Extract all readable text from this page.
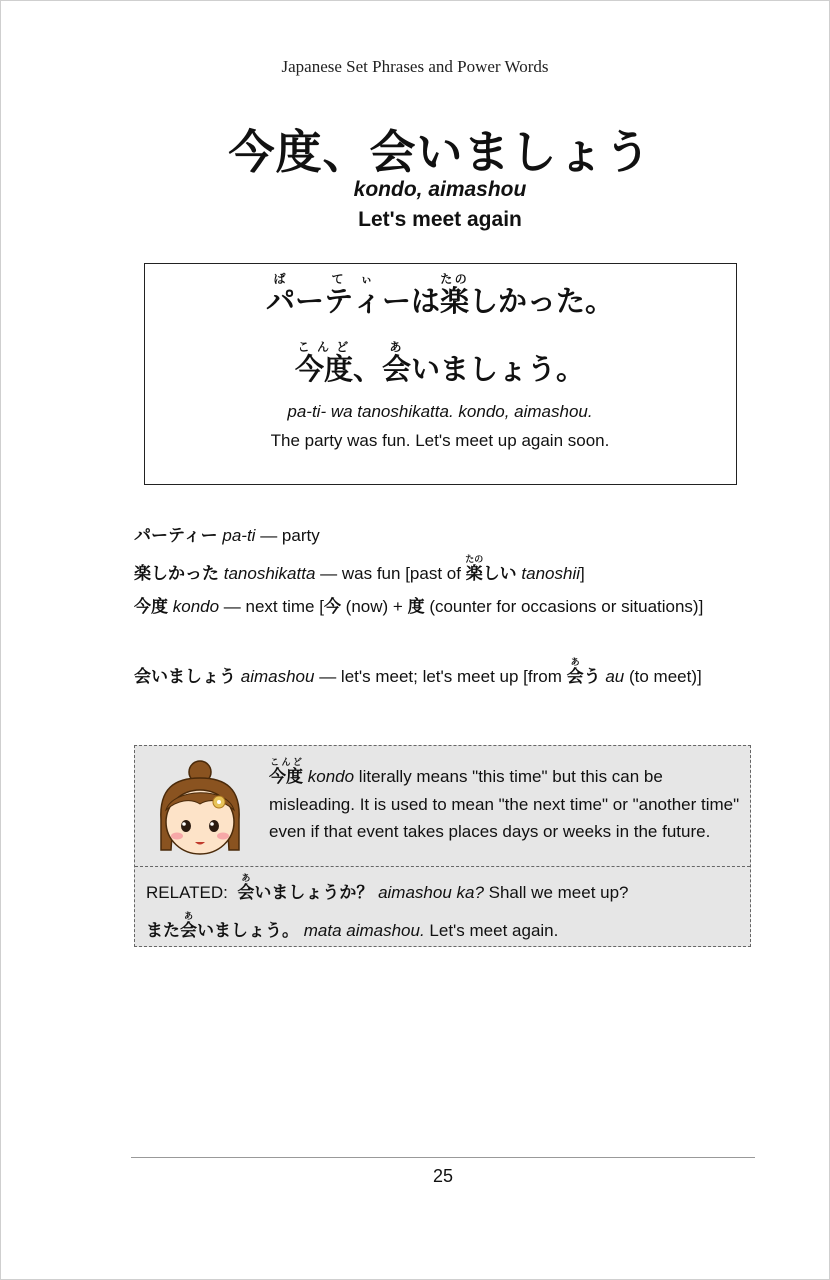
Japanese Set Phrases and Power Words
今度、会いましょう
kondo, aimashou
Let's meet again
パぱーテてィぃーは楽たのしかった。
今度こんど、会あいましょう。
pa-ti- wa tanoshikatta. kondo, aimashou.
The party was fun. Let's meet up again soon.
パーティー pa-ti — party
楽しかった tanoshikatta — was fun [past of 楽たのしい tanoshii]
今度 kondo — next time [今 (now) + 度 (counter for occasions or situations)]
会いましょう aimashou — let's meet; let's meet up [from 会あう au (to meet)]
今度こんど kondo literally means "this time" but this can be misleading. It is used to mean "the next time" or "another time" even if that event takes places days or weeks in the future.
RELATED: 会あいましょうか？ aimashou ka? Shall we meet up?
また会あいましょう。 mata aimashou. Let's meet again.
25
